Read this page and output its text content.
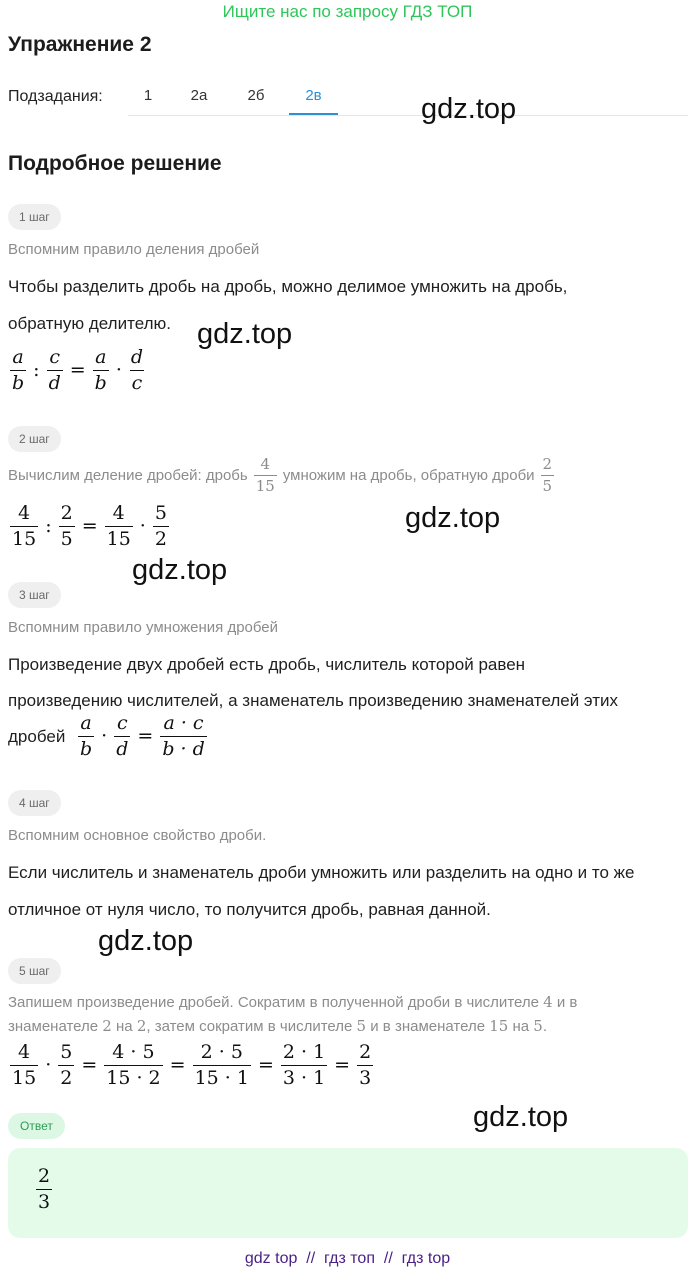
Ищите нас по запросу ГДЗ ТОП
Упражнение 2
Подзадания:	1	2а	2б	2в	gdz.top
gdz.top
gdz.top
gdz.top
gdz.top
gdz.top
Подробное решение
1 шаг
Вспомним правило деления дробей
Чтобы разделить дробь на дробь, можно делимое умножить на дробь,
обратную делителю.
$\frac{a}{b}$ : $\frac{c}{d} = \frac{a}{b} \cdot \frac{d}{c}$
2 шаг
Вычислим деление дробей: дробь $\frac{4}{15}$ умножим на дробь, обратную дроби $\frac{2}{5}$
$\frac{4}{15}$ : $\frac{2}{5} = \frac{4}{15} \cdot \frac{5}{2}$
3 шаг
Вспомним правило умножения дробей
Произведение двух дробей есть дробь, числитель которой равен
произведению числителей, а знаменатель произведению знаменателей этих
дробей $\frac{a}{b} \cdot \frac{c}{d} = \frac{a \cdot c}{b \cdot d}$
4 шаг
Вспомним основное свойство дроби.
Если числитель и знаменатель дроби умножить или разделить на одно и то же
отличное от нуля число, то получится дробь, равная данной.
5 шаг
Запишем произведение дробей. Сократим в полученной дроби в числителе 4 и в
знаменателе 2 на 2, затем сократим в числителе 5 и в знаменателе 15 на 5.
$\frac{4}{15} \cdot \frac{5}{2} = \frac{4 \cdot 5}{15 \cdot 2} = \frac{2 \cdot 5}{15 \cdot 1} = \frac{2 \cdot 1}{3 \cdot 1} = \frac{2}{3}$
Ответ
$\frac{2}{3}$
gdz top  //  гдз топ  //  гдз top
